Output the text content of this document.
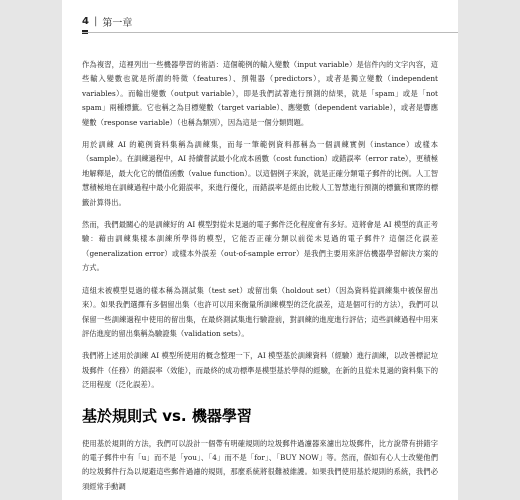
4 | 第一章

作為複習，這裡列出一些機器學習的術語：這個範例的輸入變數（input variable）是信件內的文字內容，這些輸入變數也就是所謂的特徵（features）、預報器（predictors），或者是獨立變數（independent variables）。而輸出變數（output variable），即是我們試著進行預測的結果，就是「spam」或是「not spam」兩種標籤。它也稱之為目標變數（target variable）、應變數（dependent variable），或者是響應變數（response variable）（也稱為類別），因為這是一個分類問題。

用於訓練 AI 的範例資料集稱為訓練集，而每一筆範例資料都稱為一個訓練實例（instance）或樣本（sample）。在訓練過程中，AI 持續嘗試最小化成本函數（cost function）或錯誤率（error rate），更積極地解釋是，最大化它的價值函數（value function）。以這個例子來說，就是正確分類電子郵件的比例。人工智慧積極地在訓練過程中最小化錯誤率，來進行優化，而錯誤率是經由比較人工智慧進行預測的標籤和實際的標籤計算得出。

然而，我們最關心的是訓練好的 AI 模型對從未見過的電子郵件泛化程度會有多好。這將會是 AI 模型的真正考驗：藉由訓練集樣本訓練所學得的模型，它能否正確分類以前從未見過的電子郵件？這個泛化誤差（generalization error）或樣本外誤差（out-of-sample error）是我們主要用來評估機器學習解決方案的方式。

這組未被模型見過的樣本稱為測試集（test set）或留出集（holdout set）（因為資料從訓練集中被保留出來）。如果我們選擇有多個留出集（也許可以用來衡量所訓練模型的泛化誤差，這是個可行的方法），我們可以保留一些訓練過程中使用的留出集，在最終測試集進行驗證前，對訓練的進度進行評估；這些訓練過程中用來評估進度的留出集稱為驗證集（validation sets）。

我們將上述用於訓練 AI 模型所使用的概念整理一下，AI 模型基於訓練資料（經驗）進行訓練，以改善標記垃圾郵件（任務）的錯誤率（效能），而最終的成功標準是模型基於學得的經驗，在新的且從未見過的資料集下的泛用程度（泛化誤差）。

基於規則式 vs. 機器學習

使用基於規則的方法，我們可以設計一個帶有明確規則的垃圾郵件過濾器來濾出垃圾郵件，比方說帶有拼錯字的電子郵件中有「u」而不是「you」、「4」而不是「for」、「BUY NOW」等。然而，假如有心人士改變他們的垃圾郵件行為以規避這些郵件過濾的規則，那麼系統將很難被維護。如果我們使用基於規則的系統，我們必須經常手動調
